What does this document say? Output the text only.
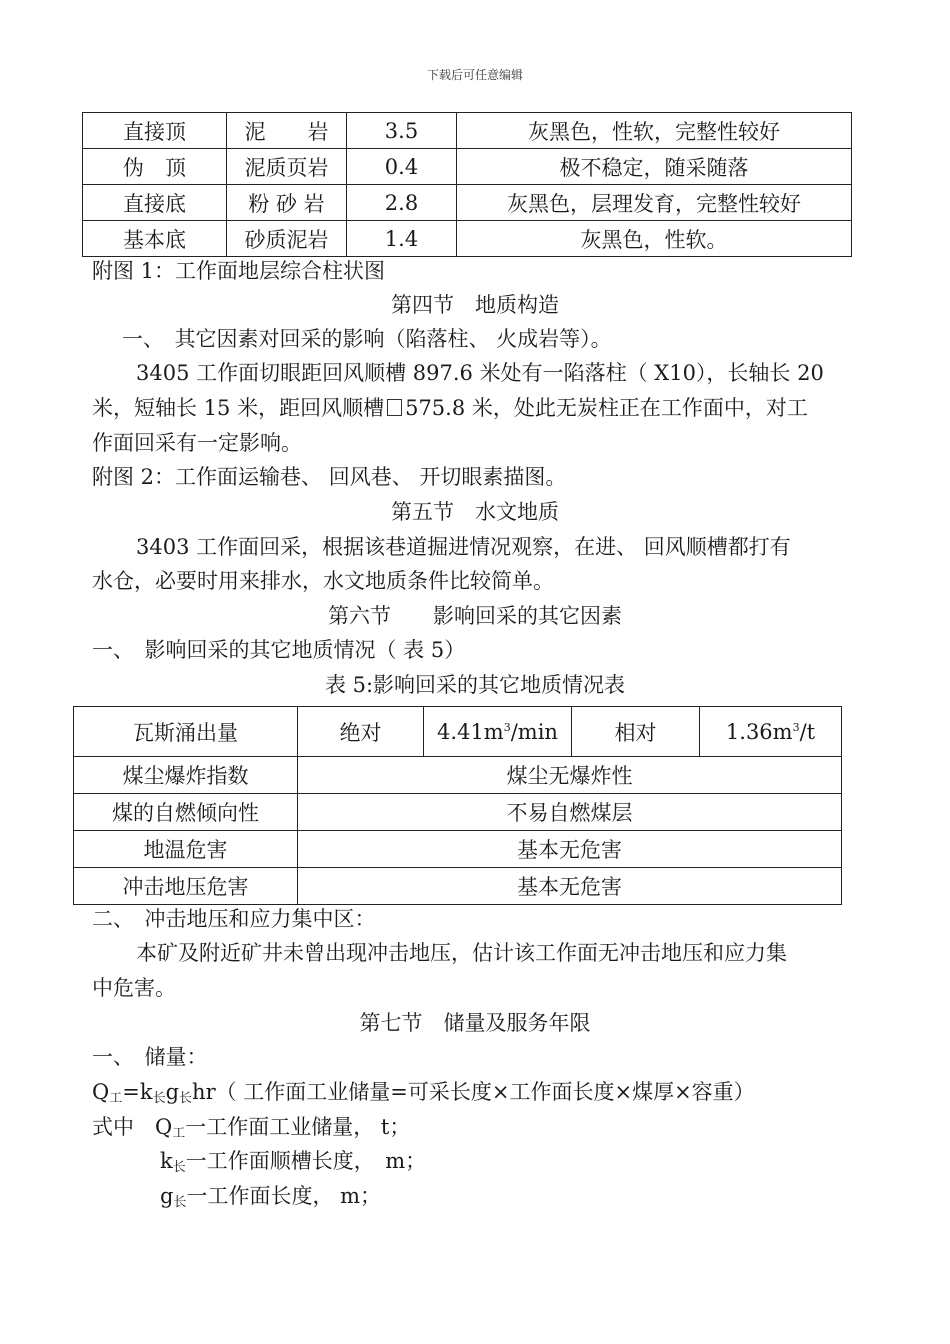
下载后可任意编辑
直接顶	泥　　岩	3.5	灰黑色，性软，完整性较好
伪　顶	泥质页岩	0.4	极不稳定，随采随落
直接底	粉 砂 岩	2.8	灰黑色，层理发育，完整性较好
基本底	砂质泥岩	1.4	灰黑色，性软。
附图 1：工作面地层综合柱状图
第四节　地质构造
一、　其它因素对回采的影响（陷落柱、 火成岩等）。
3405 工作面切眼距回风顺槽 897.6 米处有一陷落柱（ X10），长轴长 20
米，短轴长 15 米，距回风顺槽 575.8 米，处此无炭柱正在工作面中，对工
作面回采有一定影响。
附图 2：工作面运输巷、 回风巷、 开切眼素描图。
第五节　水文地质
3403 工作面回采，根据该巷道掘进情况观察，在进、 回风顺槽都打有
水仓，必要时用来排水，水文地质条件比较简单。
第六节　　影响回采的其它因素
一、　影响回采的其它地质情况（ 表 5）
表 5:影响回采的其它地质情况表
瓦斯涌出量	绝对	$4.41m^3/\min$	相对	$1.36m^3/t$
煤尘爆炸指数	煤尘无爆炸性			
煤的自燃倾向性	不易自燃煤层			
地温危害	基本无危害			
冲击地压危害	基本无危害			
二、　冲击地压和应力集中区：
本矿及附近矿井未曾出现冲击地压，估计该工作面无冲击地压和应力集
中危害。
第七节　储量及服务年限
一、　储量：
$Q_工=k_长g_长hr$（ 工作面工业储量=可采长度×工作面长度×煤厚×容重）
式中　$Q_工$一工作面工业储量， t；
$k_长$一工作面顺槽长度，　m；
$g_长$一工作面长度， m；
